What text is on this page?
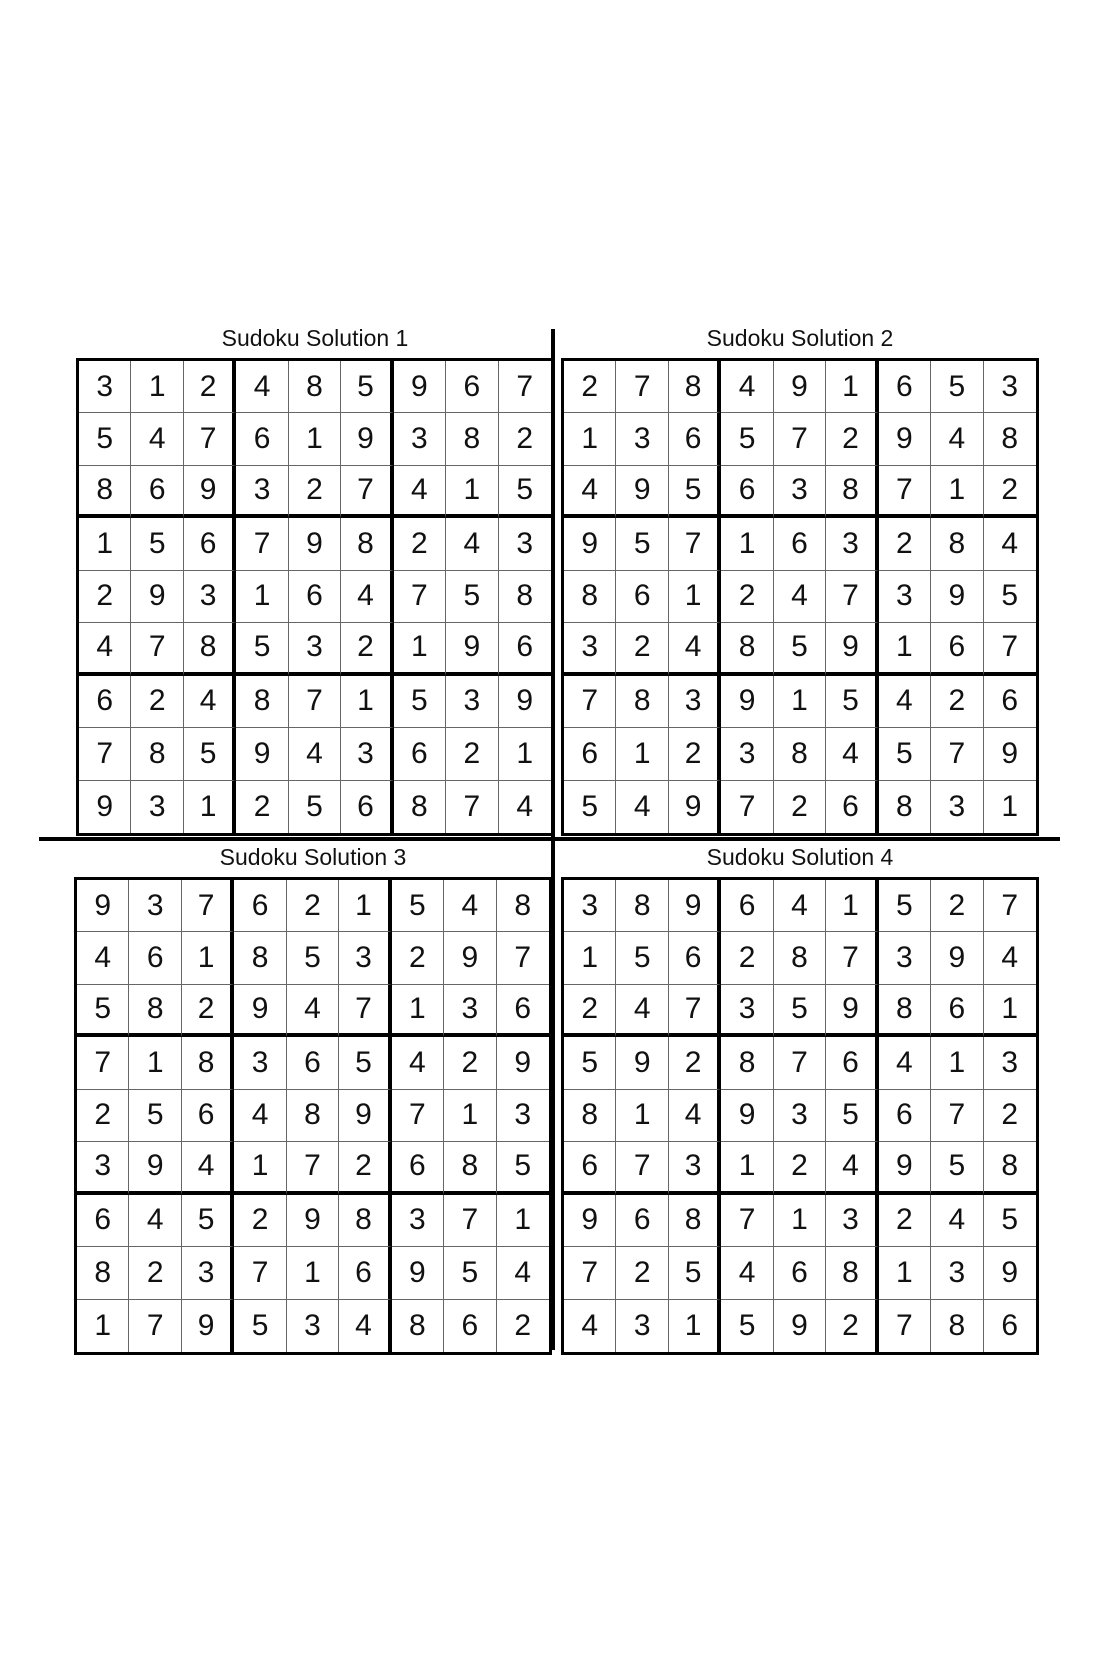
Sudoku Solution 1
3	1	2	4	8	5	9	6	7
5	4	7	6	1	9	3	8	2
8	6	9	3	2	7	4	1	5
1	5	6	7	9	8	2	4	3
2	9	3	1	6	4	7	5	8
4	7	8	5	3	2	1	9	6
6	2	4	8	7	1	5	3	9
7	8	5	9	4	3	6	2	1
9	3	1	2	5	6	8	7	4
Sudoku Solution 2
2	7	8	4	9	1	6	5	3
1	3	6	5	7	2	9	4	8
4	9	5	6	3	8	7	1	2
9	5	7	1	6	3	2	8	4
8	6	1	2	4	7	3	9	5
3	2	4	8	5	9	1	6	7
7	8	3	9	1	5	4	2	6
6	1	2	3	8	4	5	7	9
5	4	9	7	2	6	8	3	1
Sudoku Solution 3
9	3	7	6	2	1	5	4	8
4	6	1	8	5	3	2	9	7
5	8	2	9	4	7	1	3	6
7	1	8	3	6	5	4	2	9
2	5	6	4	8	9	7	1	3
3	9	4	1	7	2	6	8	5
6	4	5	2	9	8	3	7	1
8	2	3	7	1	6	9	5	4
1	7	9	5	3	4	8	6	2
Sudoku Solution 4
3	8	9	6	4	1	5	2	7
1	5	6	2	8	7	3	9	4
2	4	7	3	5	9	8	6	1
5	9	2	8	7	6	4	1	3
8	1	4	9	3	5	6	7	2
6	7	3	1	2	4	9	5	8
9	6	8	7	1	3	2	4	5
7	2	5	4	6	8	1	3	9
4	3	1	5	9	2	7	8	6
